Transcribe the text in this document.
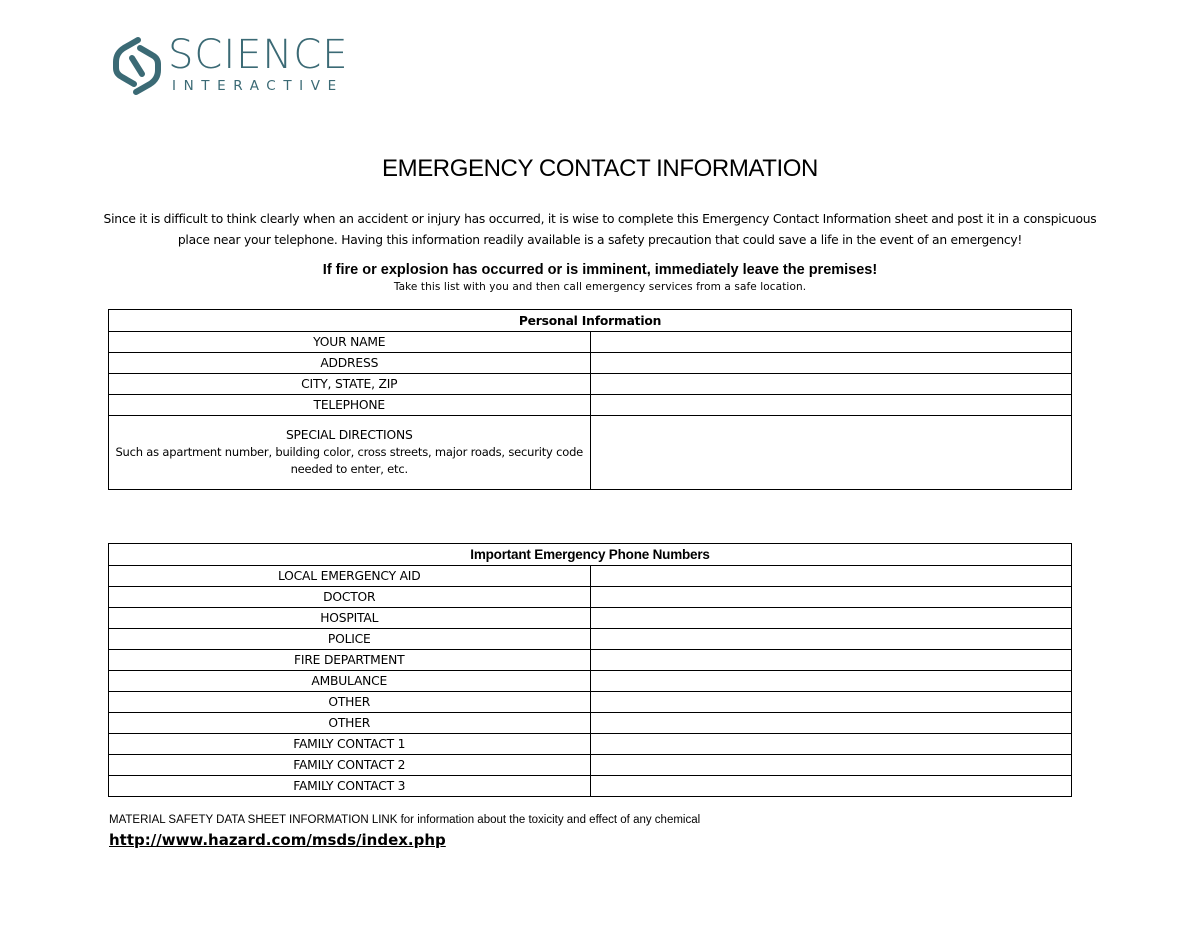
SCIENCE
INTERACTIVE
EMERGENCY CONTACT INFORMATION
Since it is difficult to think clearly when an accident or injury has occurred, it is wise to complete this Emergency Contact Information sheet and post it in a conspicuous place near your telephone. Having this information readily available is a safety precaution that could save a life in the event of an emergency!
If fire or explosion has occurred or is imminent, immediately leave the premises!
Take this list with you and then call emergency services from a safe location.
Personal Information	
YOUR NAME	
ADDRESS	
CITY, STATE, ZIP	
TELEPHONE	

SPECIAL DIRECTIONS
Such as apartment number, building color, cross streets, major roads, security code needed to enter, etc.	

Important Emergency Phone Numbers	
LOCAL EMERGENCY AID	
DOCTOR	
HOSPITAL	
POLICE	
FIRE DEPARTMENT	
AMBULANCE	
OTHER	
OTHER	
FAMILY CONTACT 1	
FAMILY CONTACT 2	
FAMILY CONTACT 3	
MATERIAL SAFETY DATA SHEET INFORMATION LINK for information about the toxicity and effect of any chemical
http://www.hazard.com/msds/index.php
